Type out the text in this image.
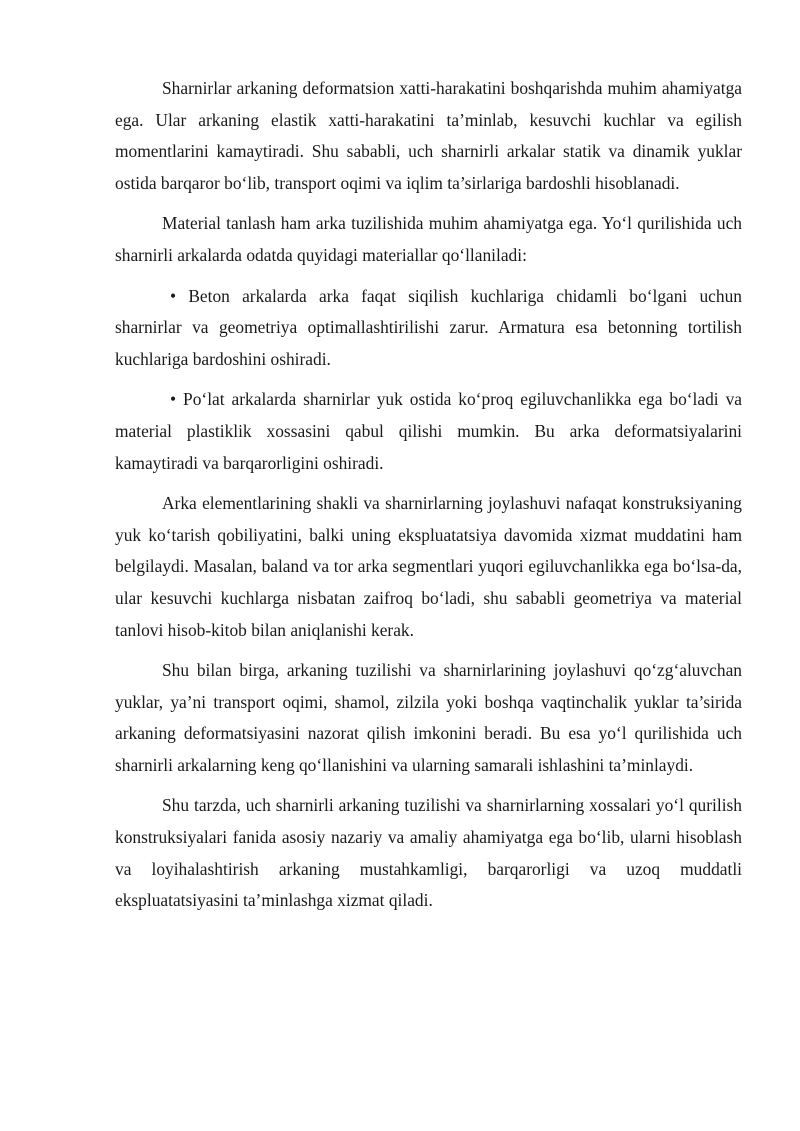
Sharnirlar arkaning deformatsion xatti-harakatini boshqarishda muhim ahamiyatga ega. Ular arkaning elastik xatti-harakatini ta’minlab, kesuvchi kuchlar va egilish momentlarini kamaytiradi. Shu sababli, uch sharnirli arkalar statik va dinamik yuklar ostida barqaror boʻlib, transport oqimi va iqlim ta’sirlariga bardoshli hisoblanadi.

Material tanlash ham arka tuzilishida muhim ahamiyatga ega. Yoʻl qurilishida uch sharnirli arkalarda odatda quyidagi materiallar qoʻllaniladi:

• Beton arkalarda arka faqat siqilish kuchlariga chidamli boʻlgani uchun sharnirlar va geometriya optimallashtirilishi zarur. Armatura esa betonning tortilish kuchlariga bardoshini oshiradi.

• Poʻlat arkalarda sharnirlar yuk ostida koʻproq egiluvchanlikka ega boʻladi va material plastiklik xossasini qabul qilishi mumkin. Bu arka deformatsiyalarini kamaytiradi va barqarorligini oshiradi.

Arka elementlarining shakli va sharnirlarning joylashuvi nafaqat konstruksiyaning yuk koʻtarish qobiliyatini, balki uning ekspluatatsiya davomida xizmat muddatini ham belgilaydi. Masalan, baland va tor arka segmentlari yuqori egiluvchanlikka ega boʻlsa-da, ular kesuvchi kuchlarga nisbatan zaifroq boʻladi, shu sababli geometriya va material tanlovi hisob-kitob bilan aniqlanishi kerak.

Shu bilan birga, arkaning tuzilishi va sharnirlarining joylashuvi qoʻzgʻaluvchan yuklar, ya’ni transport oqimi, shamol, zilzila yoki boshqa vaqtinchalik yuklar ta’sirida arkaning deformatsiyasini nazorat qilish imkonini beradi. Bu esa yoʻl qurilishida uch sharnirli arkalarning keng qoʻllanishini va ularning samarali ishlashini ta’minlaydi.

Shu tarzda, uch sharnirli arkaning tuzilishi va sharnirlarning xossalari yoʻl qurilish konstruksiyalari fanida asosiy nazariy va amaliy ahamiyatga ega boʻlib, ularni hisoblash va loyihalashtirish arkaning mustahkamligi, barqarorligi va uzoq muddatli ekspluatatsiyasini ta’minlashga xizmat qiladi.
